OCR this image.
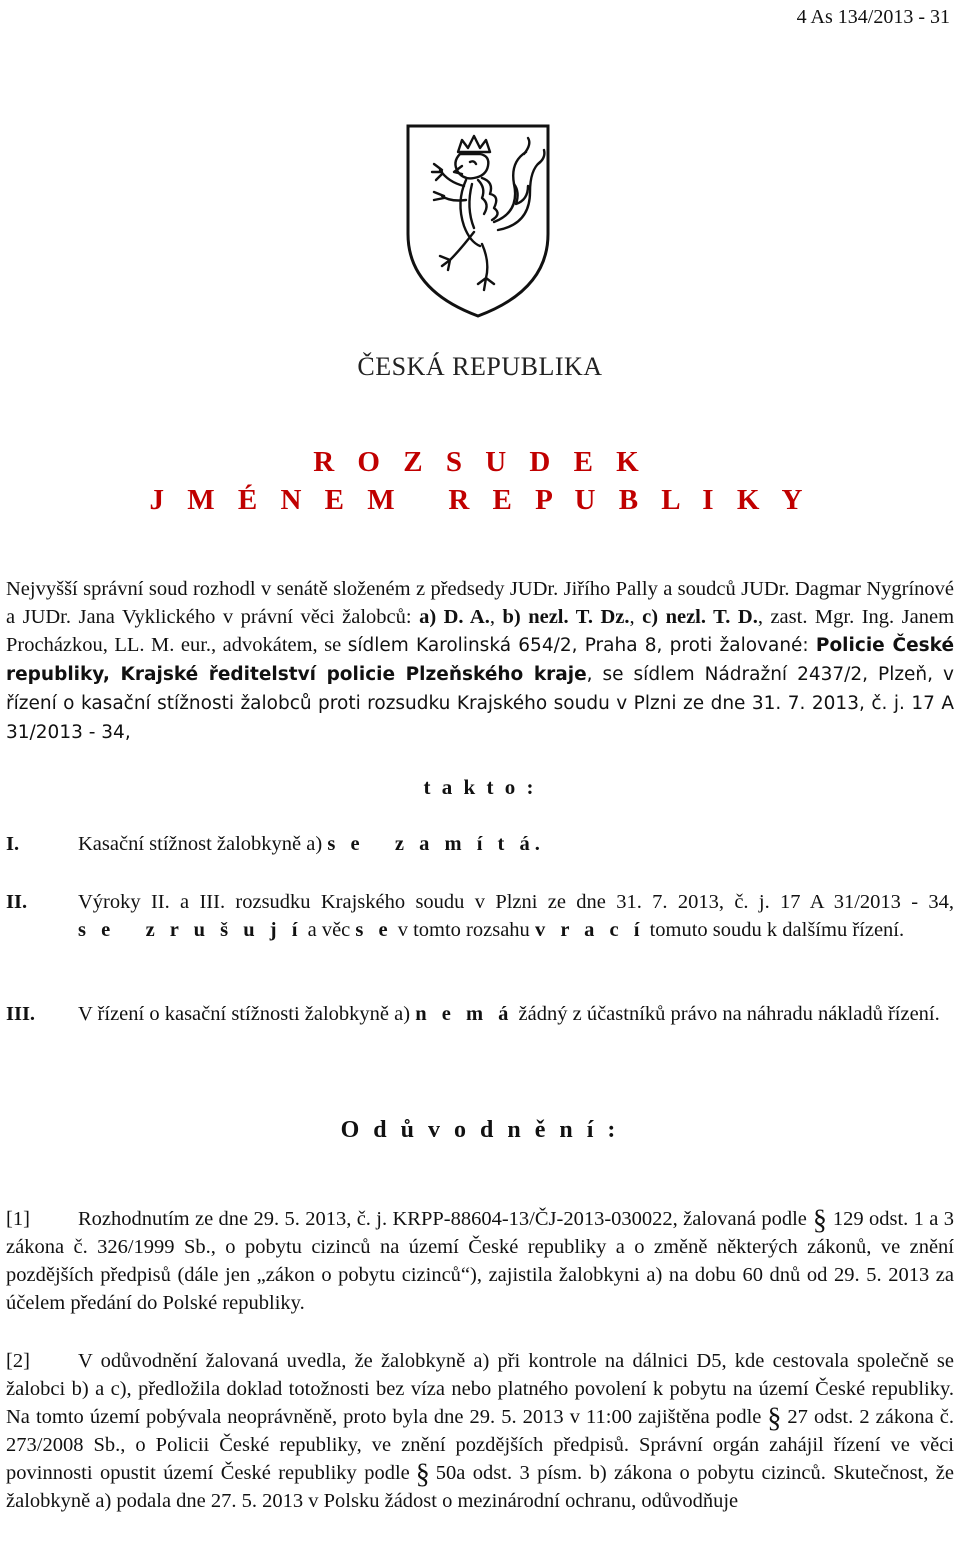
4 As 134/2013 - 31
ČESKÁ REPUBLIKA
R O Z S U D E K
J M É N E M   R E P U B L I K Y
Nejvyšší správní soud rozhodl v senátě složeném z předsedy JUDr. Jiřího Pally a soudců JUDr. Dagmar Nygrínové a JUDr. Jana Vyklického v právní věci žalobců: a) D. A., b) nezl. T. Dz., c) nezl. T. D., zast. Mgr. Ing. Janem Procházkou, LL. M. eur., advokátem, se sídlem Karolinská 654/2, Praha 8, proti žalované: Policie České republiky, Krajské ředitelství policie Plzeňského kraje, se sídlem Nádražní 2437/2, Plzeň, v řízení o kasační stížnosti žalobců proti rozsudku Krajského soudu v Plzni ze dne 31. 7. 2013, č. j. 17 A 31/2013 - 34,
t a k t o :
I.	Kasační stížnost žalobkyně a) s e   z a m í t á.
II. Výroky II. a III. rozsudku Krajského soudu v Plzni ze dne 31. 7. 2013, č. j. 17 A 31/2013 - 34, s e   z r u š u j í a věc s e v tomto rozsahu v r a c í tomuto soudu k dalšímu řízení.
III. V řízení o kasační stížnosti žalobkyně a) n e m á žádný z účastníků právo na náhradu nákladů řízení.
O d ů v o d n ě n í :
[1] Rozhodnutím ze dne 29. 5. 2013, č. j. KRPP-88604-13/ČJ-2013-030022, žalovaná podle § 129 odst. 1 a 3 zákona č. 326/1999 Sb., o pobytu cizinců na území České republiky a o změně některých zákonů, ve znění pozdějších předpisů (dále jen „zákon o pobytu cizinců“), zajistila žalobkyni a) na dobu 60 dnů od 29. 5. 2013 za účelem předání do Polské republiky.
[2] V odůvodnění žalovaná uvedla, že žalobkyně a) při kontrole na dálnici D5, kde cestovala společně se žalobci b) a c), předložila doklad totožnosti bez víza nebo platného povolení k pobytu na území České republiky. Na tomto území pobývala neoprávněně, proto byla dne 29. 5. 2013 v 11:00 zajištěna podle § 27 odst. 2 zákona č. 273/2008 Sb., o Policii České republiky, ve znění pozdějších předpisů. Správní orgán zahájil řízení ve věci povinnosti opustit území České republiky podle § 50a odst. 3 písm. b) zákona o pobytu cizinců. Skutečnost, že žalobkyně a) podala dne 27. 5. 2013 v Polsku žádost o mezinárodní ochranu, odůvodňuje
